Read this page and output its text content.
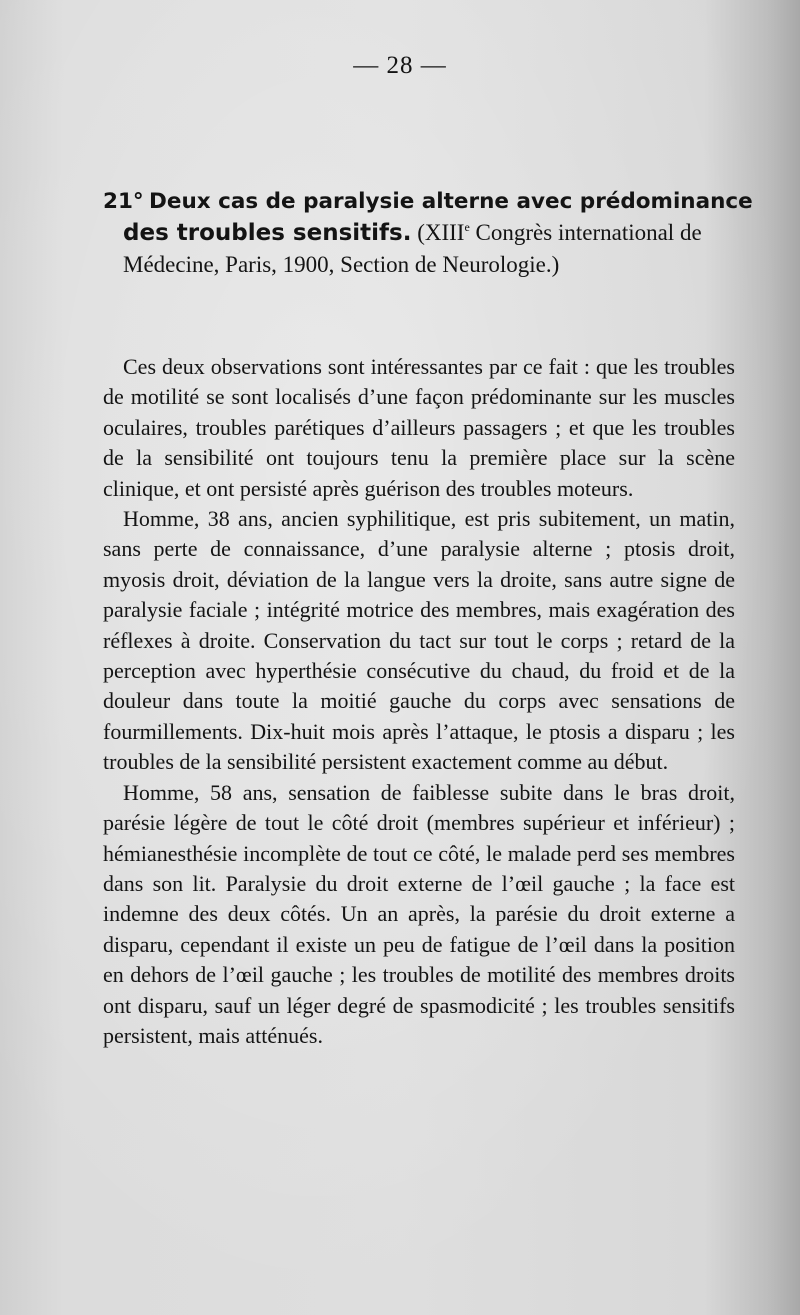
— 28 —
21° Deux cas de paralysie alterne avec prédominance
des troubles sensitifs. (XIIIe Congrès international de
Médecine, Paris, 1900, Section de Neurologie.)

Ces deux observations sont intéressantes par ce fait : que les troubles de motilité se sont localisés d’une façon prédominante sur les muscles oculaires, troubles parétiques d’ailleurs passagers ; et que les troubles de la sensibilité ont toujours tenu la première place sur la scène clinique, et ont persisté après guérison des troubles moteurs.

Homme, 38 ans, ancien syphilitique, est pris subitement, un matin, sans perte de connaissance, d’une paralysie alterne ; ptosis droit, myosis droit, déviation de la langue vers la droite, sans autre signe de paralysie faciale ; intégrité motrice des membres, mais exagération des réflexes à droite. Conservation du tact sur tout le corps ; retard de la perception avec hyperthésie consécutive du chaud, du froid et de la douleur dans toute la moitié gauche du corps avec sensations de fourmillements. Dix-huit mois après l’attaque, le ptosis a disparu ; les troubles de la sensibilité persistent exactement comme au début.

Homme, 58 ans, sensation de faiblesse subite dans le bras droit, parésie légère de tout le côté droit (membres supérieur et inférieur) ; hémianesthésie incomplète de tout ce côté, le malade perd ses membres dans son lit. Paralysie du droit externe de l’œil gauche ; la face est indemne des deux côtés. Un an après, la parésie du droit externe a disparu, cependant il existe un peu de fatigue de l’œil dans la position en dehors de l’œil gauche ; les troubles de motilité des membres droits ont disparu, sauf un léger degré de spasmodicité ; les troubles sensitifs persistent, mais atténués.
